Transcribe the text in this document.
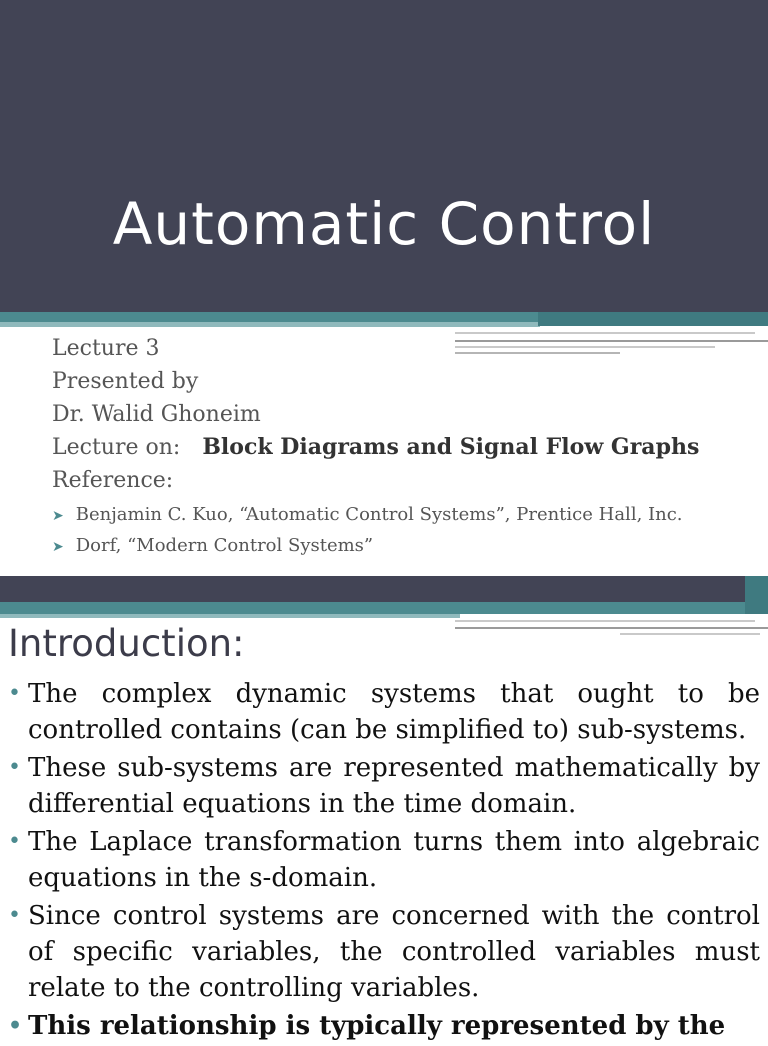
Automatic Control
Lecture 3
Presented by
Dr. Walid Ghoneim
Lecture on: Block Diagrams and Signal Flow Graphs
Reference:
➤ Benjamin C. Kuo, “Automatic Control Systems”, Prentice Hall, Inc.
➤ Dorf, “Modern Control Systems”
Introduction:
• The complex dynamic systems that ought to be controlled contains (can be simplified to) sub-systems.
• These sub-systems are represented mathematically by differential equations in the time domain.
• The Laplace transformation turns them into algebraic equations in the s-domain.
• Since control systems are concerned with the control of specific variables, the controlled variables must relate to the controlling variables.
• This relationship is typically represented by the
